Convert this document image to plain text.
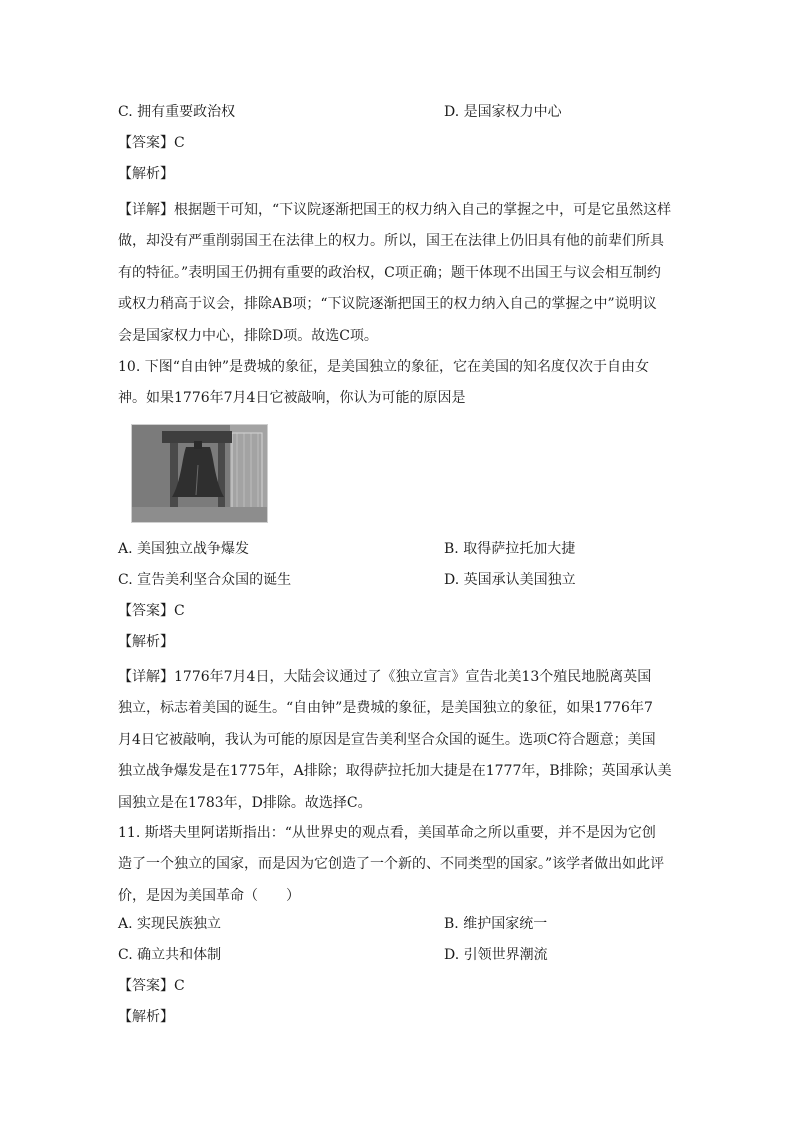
C. 拥有重要政治权	D. 是国家权力中心
【答案】C
【解析】
【详解】根据题干可知，“下议院逐渐把国王的权力纳入自己的掌握之中，可是它虽然这样
做，却没有严重削弱国王在法律上的权力。所以，国王在法律上仍旧具有他的前辈们所具
有的特征。”表明国王仍拥有重要的政治权，C项正确；题干体现不出国王与议会相互制约
或权力稍高于议会，排除AB项；“下议院逐渐把国王的权力纳入自己的掌握之中”说明议
会是国家权力中心，排除D项。故选C项。
10. 下图“自由钟”是费城的象征，是美国独立的象征，它在美国的知名度仅次于自由女
神。如果1776年7月4日它被敲响，你认为可能的原因是
A. 美国独立战争爆发	B. 取得萨拉托加大捷
C. 宣告美利坚合众国的诞生	D. 英国承认美国独立
【答案】C
【解析】
【详解】1776年7月4日，大陆会议通过了《独立宣言》宣告北美13个殖民地脱离英国
独立，标志着美国的诞生。“自由钟”是费城的象征，是美国独立的象征，如果1776年7
月4日它被敲响，我认为可能的原因是宣告美利坚合众国的诞生。选项C符合题意；美国
独立战争爆发是在1775年，A排除；取得萨拉托加大捷是在1777年，B排除；英国承认美
国独立是在1783年，D排除。故选择C。
11. 斯塔夫里阿诺斯指出：“从世界史的观点看，美国革命之所以重要，并不是因为它创
造了一个独立的国家，而是因为它创造了一个新的、不同类型的国家。”该学者做出如此评
价，是因为美国革命（　　）
A. 实现民族独立	B. 维护国家统一
C. 确立共和体制	D. 引领世界潮流
【答案】C
【解析】
